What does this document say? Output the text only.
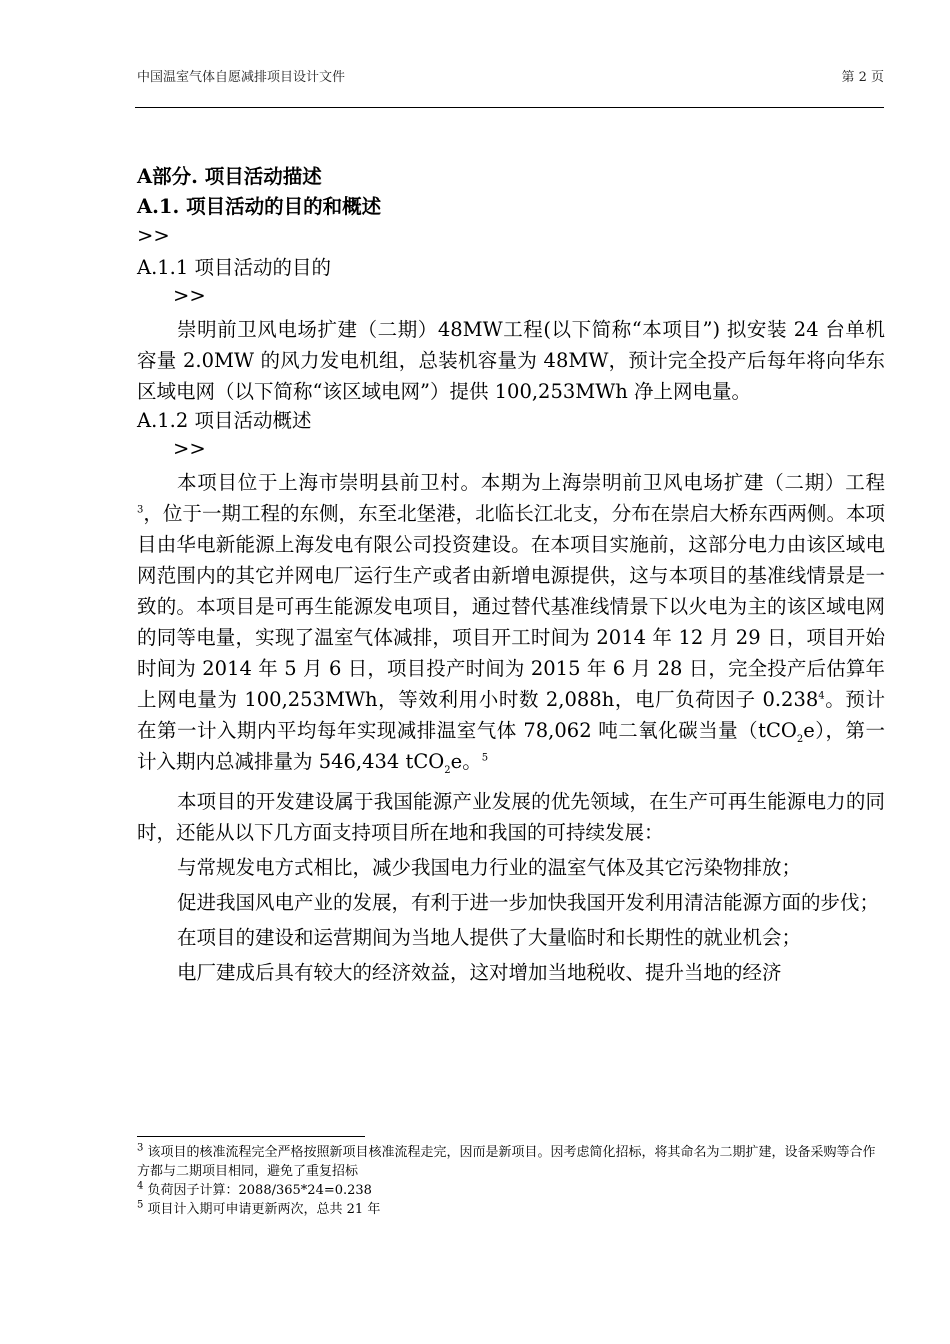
中国温室气体自愿减排项目设计文件	第 2 页

A部分. 项目活动描述

A.1. 项目活动的目的和概述

>>

A.1.1 项目活动的目的

>>

崇明前卫风电场扩建（二期）48MW工程(以下简称“本项目”) 拟安装 24 台单机容量 2.0MW 的风力发电机组，总装机容量为 48MW，预计完全投产后每年将向华东区域电网（以下简称“该区域电网”）提供 100,253MWh 净上网电量。

A.1.2 项目活动概述

>>

本项目位于上海市崇明县前卫村。本期为上海崇明前卫风电场扩建（二期）工程$^3$，位于一期工程的东侧，东至北堡港，北临长江北支，分布在崇启大桥东西两侧。本项目由华电新能源上海发电有限公司投资建设。在本项目实施前，这部分电力由该区域电网范围内的其它并网电厂运行生产或者由新增电源提供，这与本项目的基准线情景是一致的。本项目是可再生能源发电项目，通过替代基准线情景下以火电为主的该区域电网的同等电量，实现了温室气体减排，项目开工时间为 2014 年 12 月 29 日，项目开始时间为 2014 年 5 月 6 日，项目投产时间为 2015 年 6 月 28 日，完全投产后估算年上网电量为 100,253MWh，等效利用小时数 2,088h，电厂负荷因子 0.238$^4$。预计在第一计入期内平均每年实现减排温室气体 78,062 吨二氧化碳当量（tCO$_2$e），第一计入期内总减排量为 546,434 tCO$_2$e。$^5$

本项目的开发建设属于我国能源产业发展的优先领域，在生产可再生能源电力的同时，还能从以下几方面支持项目所在地和我国的可持续发展：

与常规发电方式相比，减少我国电力行业的温室气体及其它污染物排放；

促进我国风电产业的发展，有利于进一步加快我国开发利用清洁能源方面的步伐；

在项目的建设和运营期间为当地人提供了大量临时和长期性的就业机会；

电厂建成后具有较大的经济效益，这对增加当地税收、提升当地的经济

$^3$ 该项目的核准流程完全严格按照新项目核准流程走完，因而是新项目。因考虑简化招标，将其命名为二期扩建，设备采购等合作方都与二期项目相同，避免了重复招标

$^4$ 负荷因子计算：2088/365*24=0.238

$^5$ 项目计入期可申请更新两次，总共 21 年
